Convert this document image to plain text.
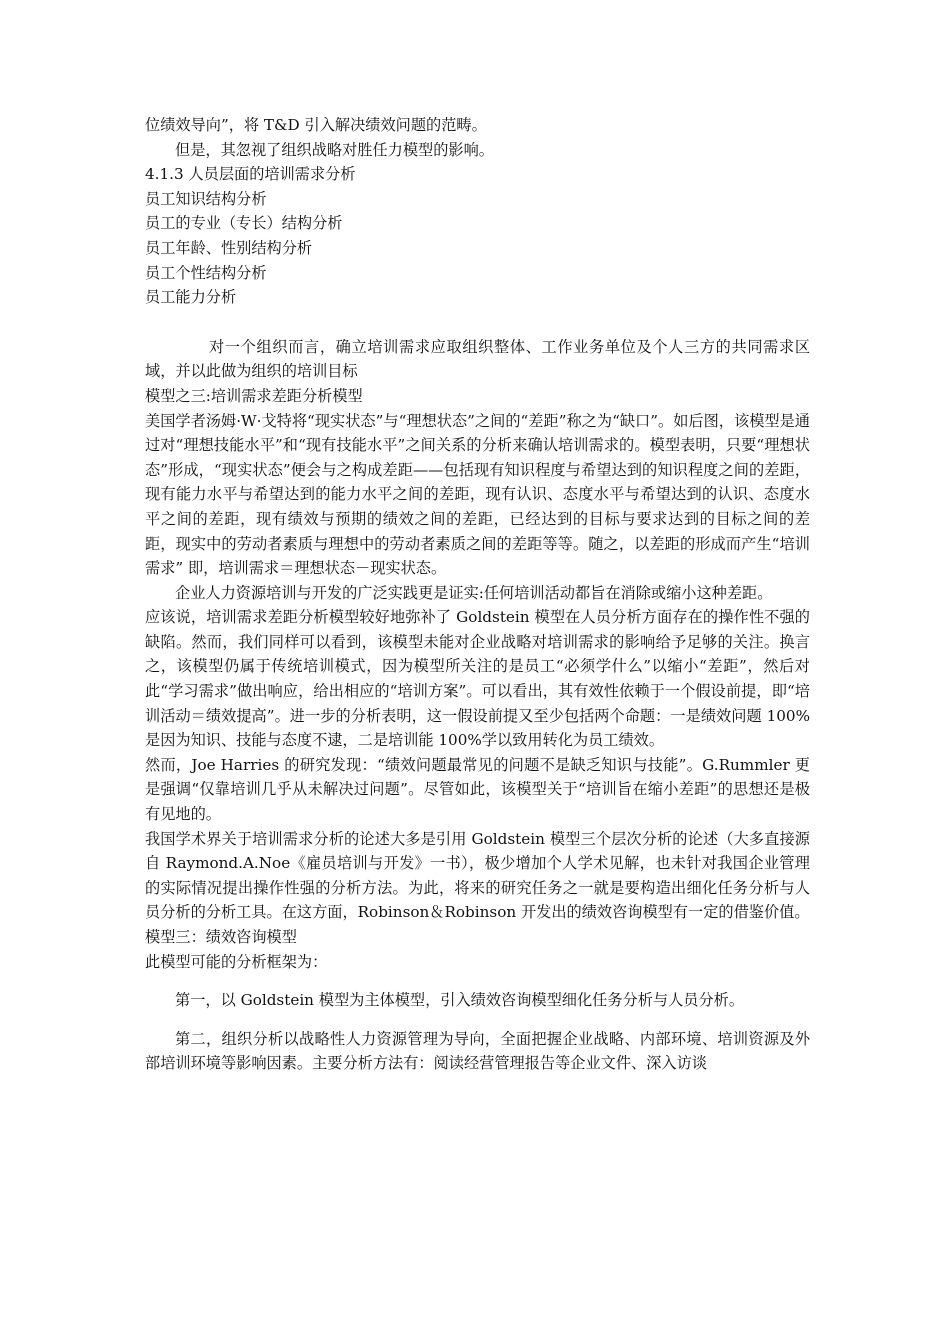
位绩效导向”，将 T&D 引入解决绩效问题的范畴。

但是，其忽视了组织战略对胜任力模型的影响。

4.1.3 人员层面的培训需求分析

员工知识结构分析

员工的专业（专长）结构分析

员工年龄、性别结构分析

员工个性结构分析

员工能力分析

对一个组织而言，确立培训需求应取组织整体、工作业务单位及个人三方的共同需求区域，并以此做为组织的培训目标

模型之三:培训需求差距分析模型

美国学者汤姆·W·戈特将“现实状态”与“理想状态”之间的“差距”称之为“缺口”。如后图，该模型是通过对“理想技能水平”和“现有技能水平”之间关系的分析来确认培训需求的。模型表明，只要“理想状态”形成，“现实状态”便会与之构成差距——包括现有知识程度与希望达到的知识程度之间的差距，现有能力水平与希望达到的能力水平之间的差距，现有认识、态度水平与希望达到的认识、态度水平之间的差距，现有绩效与预期的绩效之间的差距，已经达到的目标与要求达到的目标之间的差距，现实中的劳动者素质与理想中的劳动者素质之间的差距等等。随之，以差距的形成而产生“培训需求” 即，培训需求＝理想状态－现实状态。

企业人力资源培训与开发的广泛实践更是证实:任何培训活动都旨在消除或缩小这种差距。

应该说，培训需求差距分析模型较好地弥补了 Goldstein 模型在人员分析方面存在的操作性不强的缺陷。然而，我们同样可以看到，该模型未能对企业战略对培训需求的影响给予足够的关注。换言之，该模型仍属于传统培训模式，因为模型所关注的是员工“必须学什么”以缩小“差距”，然后对此“学习需求”做出响应，给出相应的“培训方案”。可以看出，其有效性依赖于一个假设前提，即“培训活动＝绩效提高”。进一步的分析表明，这一假设前提又至少包括两个命题：一是绩效问题 100%是因为知识、技能与态度不逮，二是培训能 100%学以致用转化为员工绩效。

然而，Joe Harries 的研究发现：“绩效问题最常见的问题不是缺乏知识与技能”。G.Rummler 更是强调“仅靠培训几乎从未解决过问题”。尽管如此，该模型关于“培训旨在缩小差距”的思想还是极有见地的。

我国学术界关于培训需求分析的论述大多是引用 Goldstein 模型三个层次分析的论述（大多直接源自 Raymond.A.Noe《雇员培训与开发》一书），极少增加个人学术见解，也未针对我国企业管理的实际情况提出操作性强的分析方法。为此，将来的研究任务之一就是要构造出细化任务分析与人员分析的分析工具。在这方面，Robinson＆Robinson 开发出的绩效咨询模型有一定的借鉴价值。

模型三：绩效咨询模型

此模型可能的分析框架为：

第一，以 Goldstein 模型为主体模型，引入绩效咨询模型细化任务分析与人员分析。

第二，组织分析以战略性人力资源管理为导向，全面把握企业战略、内部环境、培训资源及外部培训环境等影响因素。主要分析方法有：阅读经营管理报告等企业文件、深入访谈
